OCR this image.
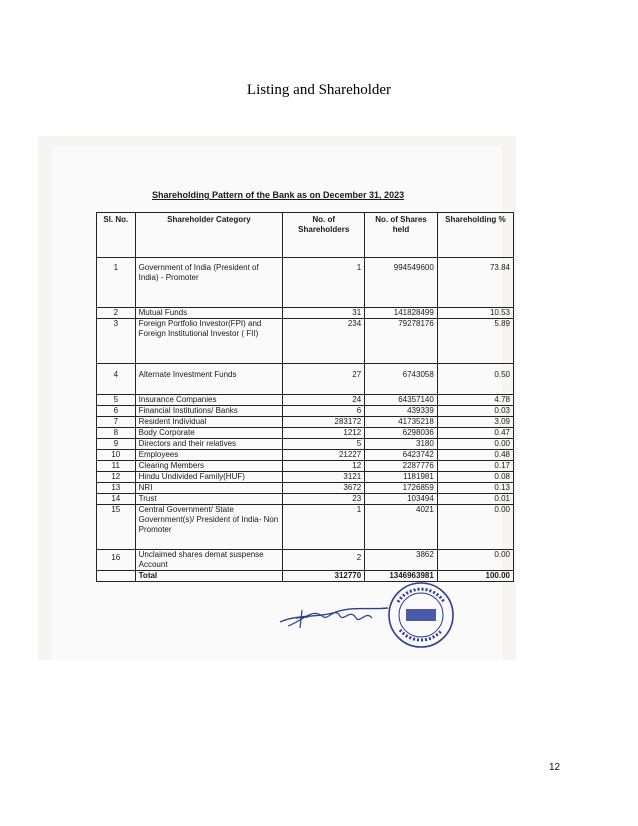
Listing and Shareholder
Shareholding Pattern of the Bank as on December 31, 2023
Sl. No.	Shareholder Category	No. of Shareholders	No. of Shares held	Shareholding %
1	Government of India (President of India) - Promoter	1	994549600	73.84
2	Mutual Funds	31	141828499	10.53
3	Foreign Portfolio Investor(FPI) and Foreign Institutional Investor ( FII)	234	79278176	5.89
4	Alternate Investment Funds	27	6743058	0.50
5	Insurance Companies	24	64357140	4.78
6	Financial Institutions/ Banks	6	439339	0.03
7	Resident Individual	283172	41735218	3.09
8	Body Corporate	1212	6298036	0.47
9	Directors and their relatives	5	3180	0.00
10	Employees	21227	6423742	0.48
11	Clearing Members	12	2287776	0.17
12	Hindu Undivided Family(HUF)	3121	1181981	0.08
13	NRI	3672	1726859	0.13
14	Trust	23	103494	0.01
15	Central Government/ State Government(s)/ President of India- Non Promoter	1	4021	0.00
16	Unclaimed shares demat suspense Account	2	3862	0.00
	Total	312770	1346963981	100.00
12
